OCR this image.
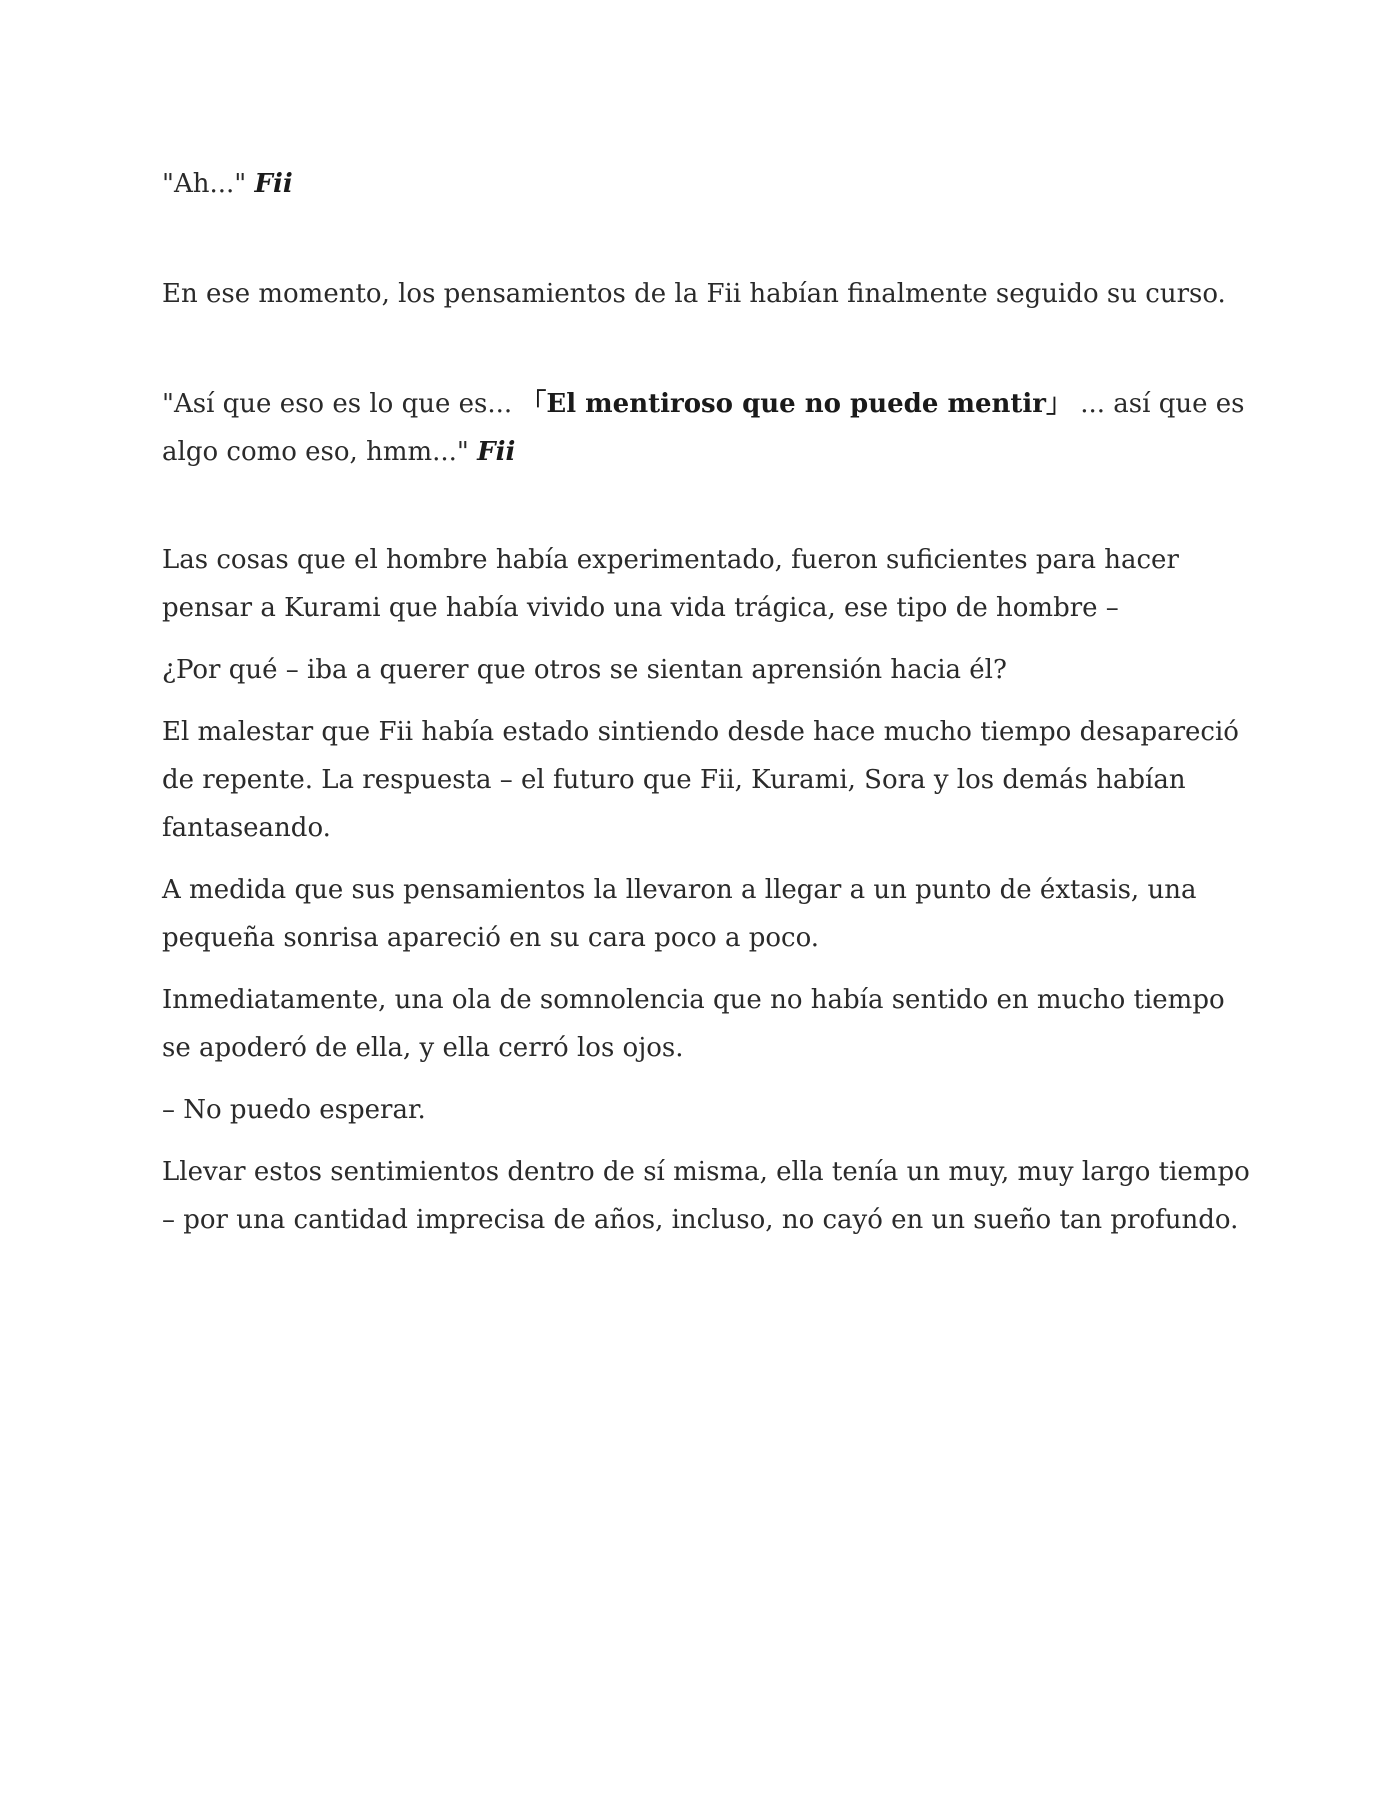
"Ah..." Fii

En ese momento, los pensamientos de la Fii habían finalmente seguido su curso.

"Así que eso es lo que es... 「El mentiroso que no puede mentir」 ... así que es algo como eso, hmm..." Fii

Las cosas que el hombre había experimentado, fueron suficientes para hacer pensar a Kurami que había vivido una vida trágica, ese tipo de hombre –

¿Por qué – iba a querer que otros se sientan aprensión hacia él?

El malestar que Fii había estado sintiendo desde hace mucho tiempo desapareció de repente. La respuesta – el futuro que Fii, Kurami, Sora y los demás habían fantaseando.

A medida que sus pensamientos la llevaron a llegar a un punto de éxtasis, una pequeña sonrisa apareció en su cara poco a poco.

Inmediatamente, una ola de somnolencia que no había sentido en mucho tiempo se apoderó de ella, y ella cerró los ojos.

– No puedo esperar.

Llevar estos sentimientos dentro de sí misma, ella tenía un muy, muy largo tiempo – por una cantidad imprecisa de años, incluso, no cayó en un sueño tan profundo.
